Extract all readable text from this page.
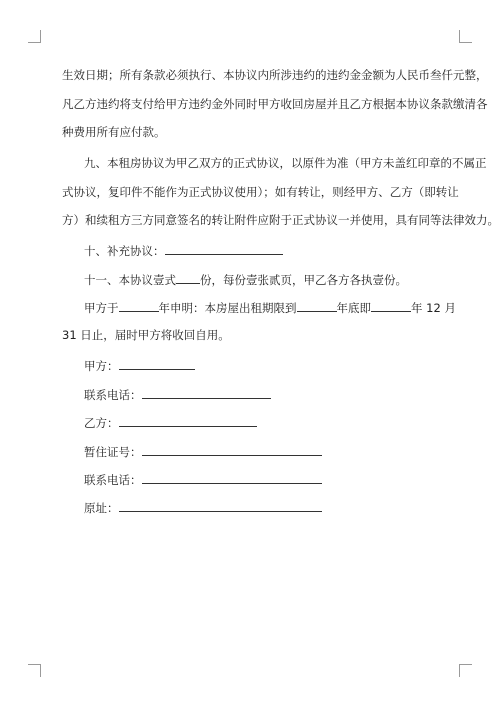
生效日期；所有条款必须执行、本协议内所涉违约的违约金金额为人民币叁仟元整，
凡乙方违约将支付给甲方违约金外同时甲方收回房屋并且乙方根据本协议条款缴清各
种费用所有应付款。
九、本租房协议为甲乙双方的正式协议，以原件为准（甲方未盖红印章的不属正
式协议，复印件不能作为正式协议使用）；如有转让，则经甲方、乙方（即转让
方）和续租方三方同意签名的转让附件应附于正式协议一并使用，具有同等法律效力。
十、补充协议：
十一、本协议壹式 份，每份壹张贰页，甲乙各方各执壹份。
甲方于	年申明：本房屋出租期限到	年底即	年 12 月
31 日止，届时甲方将收回自用。
甲方：
联系电话：
乙方：
暂住证号：
联系电话：
原址：
